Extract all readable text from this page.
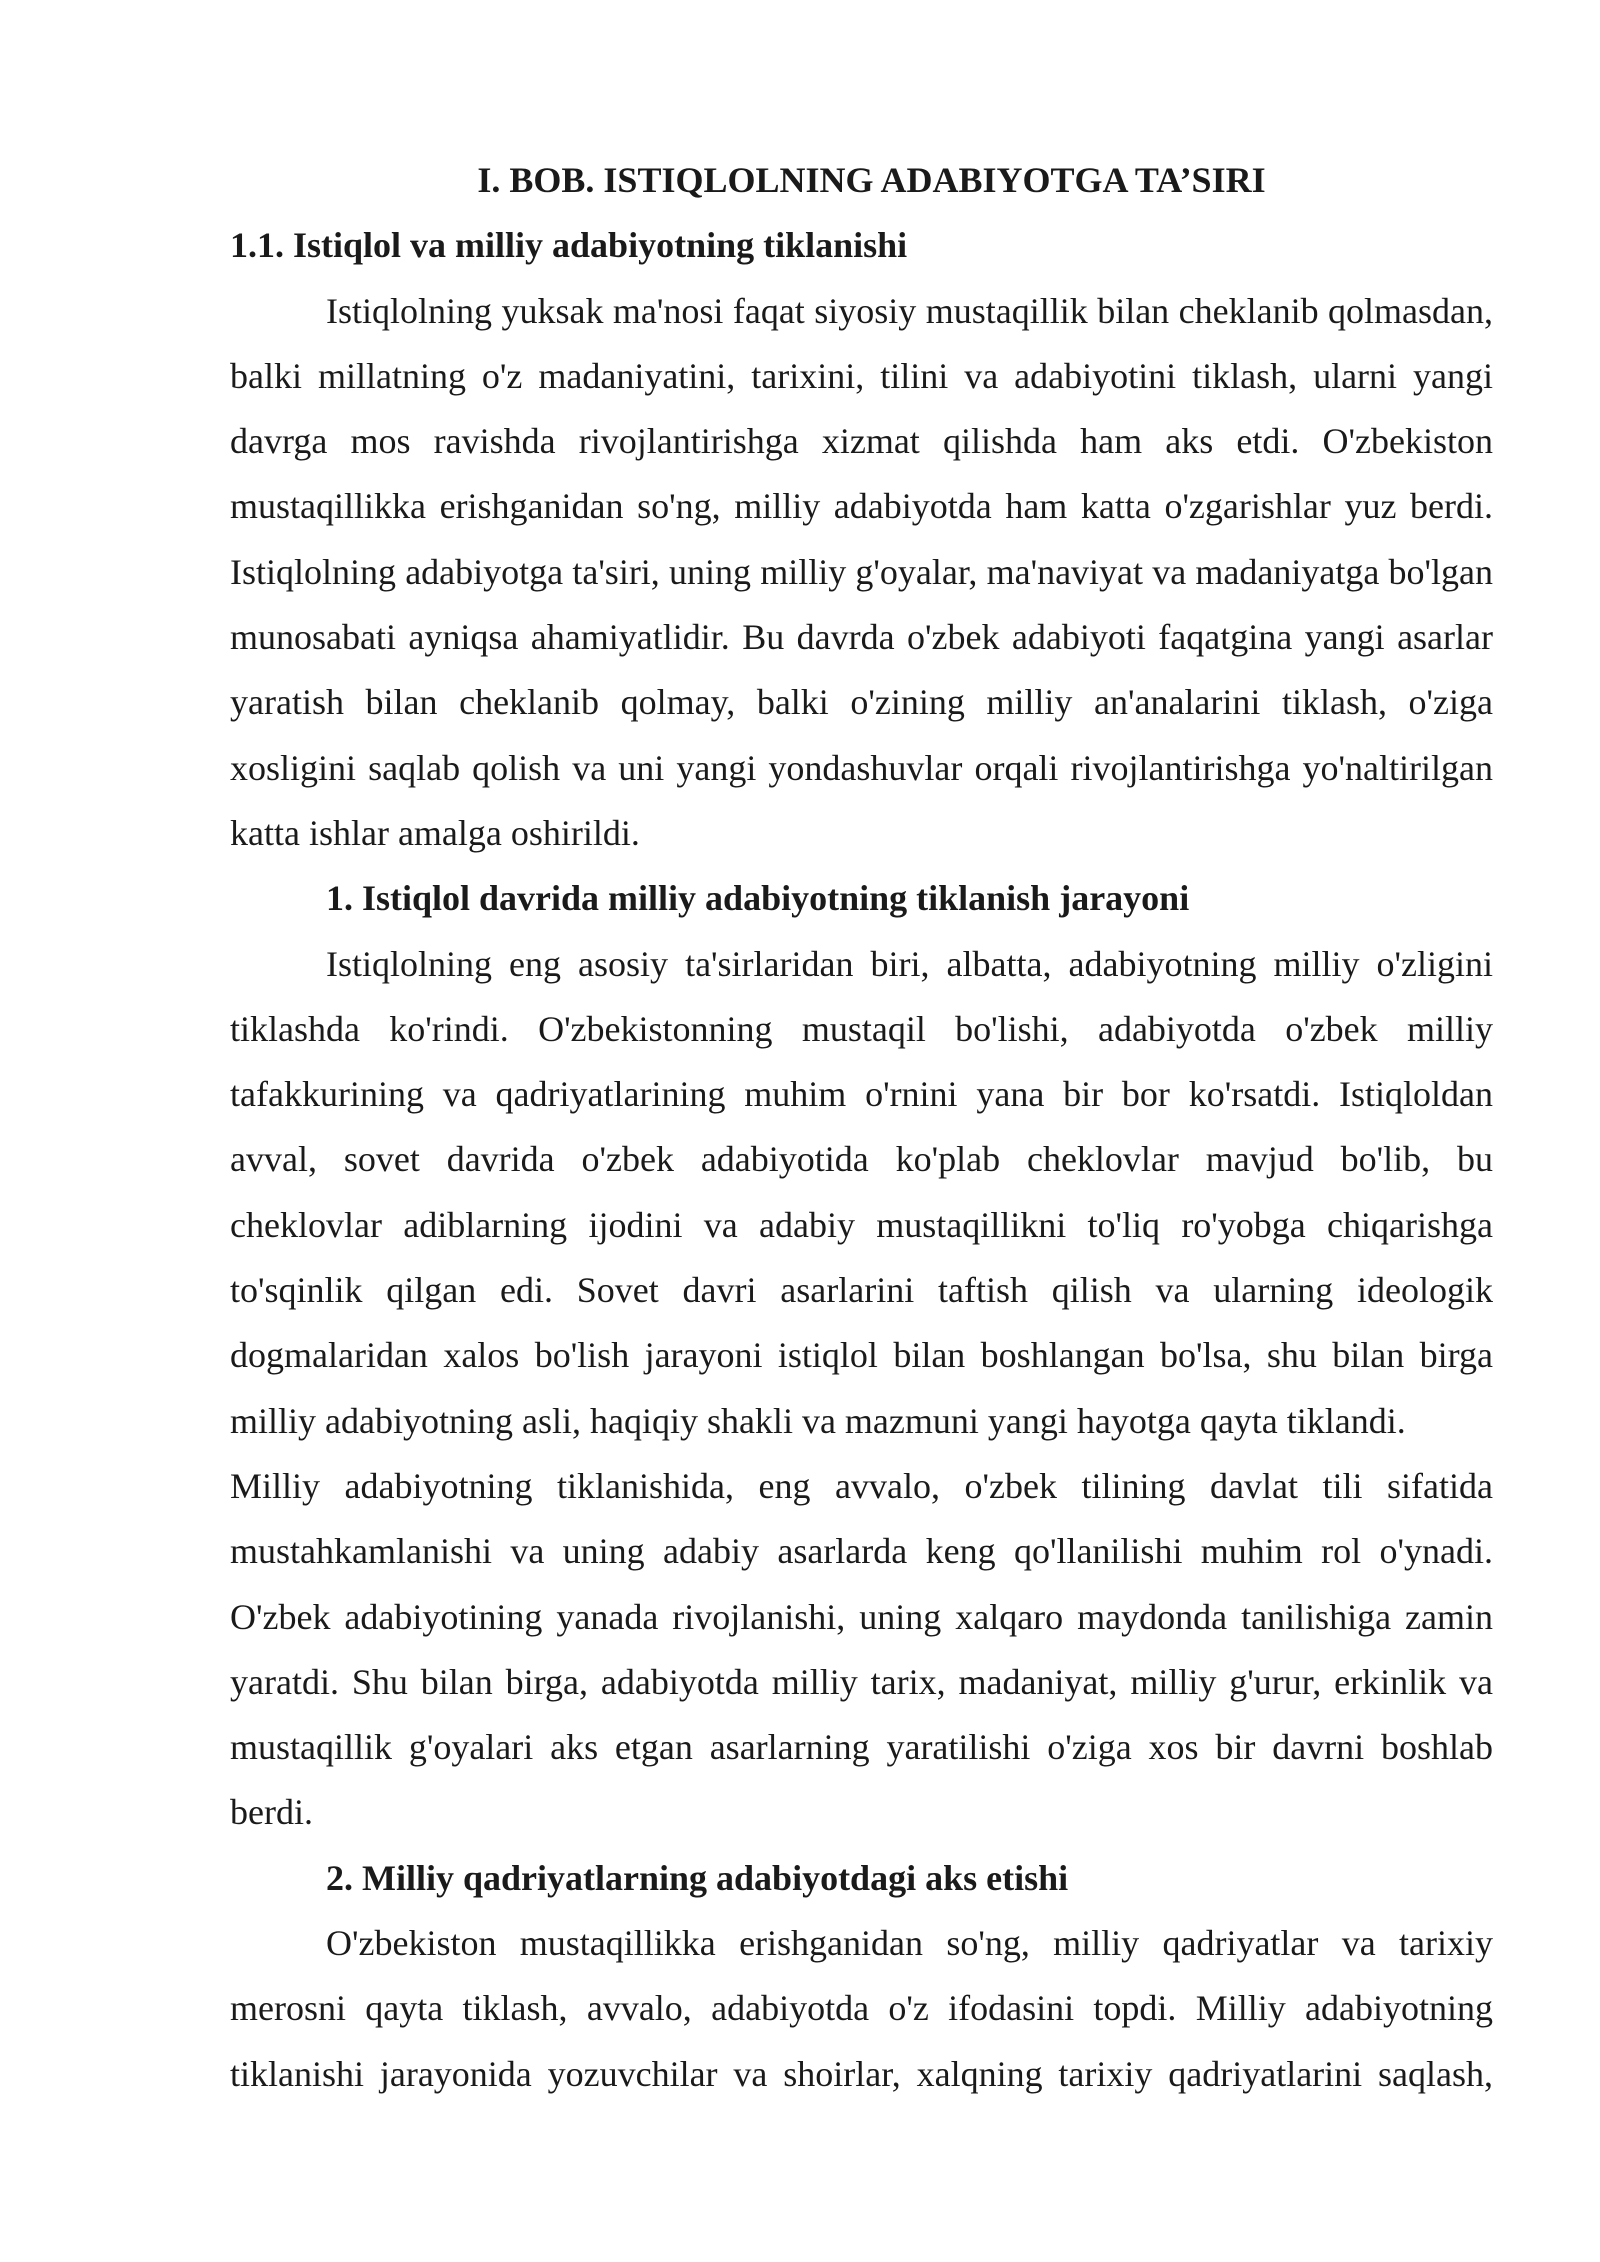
I. BOB. ISTIQLOLNING ADABIYOTGA TA’SIRI
1.1. Istiqlol va milliy adabiyotning tiklanishi

Istiqlolning yuksak ma'nosi faqat siyosiy mustaqillik bilan cheklanib qolmasdan, balki millatning o'z madaniyatini, tarixini, tilini va adabiyotini tiklash, ularni yangi davrga mos ravishda rivojlantirishga xizmat qilishda ham aks etdi. O'zbekiston mustaqillikka erishganidan so'ng, milliy adabiyotda ham katta o'zgarishlar yuz berdi. Istiqlolning adabiyotga ta'siri, uning milliy g'oyalar, ma'naviyat va madaniyatga bo'lgan munosabati ayniqsa ahamiyatlidir. Bu davrda o'zbek adabiyoti faqatgina yangi asarlar yaratish bilan cheklanib qolmay, balki o'zining milliy an'analarini tiklash, o'ziga xosligini saqlab qolish va uni yangi yondashuvlar orqali rivojlantirishga yo'naltirilgan katta ishlar amalga oshirildi.

1. Istiqlol davrida milliy adabiyotning tiklanish jarayoni

Istiqlolning eng asosiy ta'sirlaridan biri, albatta, adabiyotning milliy o'zligini tiklashda ko'rindi. O'zbekistonning mustaqil bo'lishi, adabiyotda o'zbek milliy tafakkurining va qadriyatlarining muhim o'rnini yana bir bor ko'rsatdi. Istiqloldan avval, sovet davrida o'zbek adabiyotida ko'plab cheklovlar mavjud bo'lib, bu cheklovlar adiblarning ijodini va adabiy mustaqillikni to'liq ro'yobga chiqarishga to'sqinlik qilgan edi. Sovet davri asarlarini taftish qilish va ularning ideologik dogmalaridan xalos bo'lish jarayoni istiqlol bilan boshlangan bo'lsa, shu bilan birga milliy adabiyotning asli, haqiqiy shakli va mazmuni yangi hayotga qayta tiklandi.

Milliy adabiyotning tiklanishida, eng avvalo, o'zbek tilining davlat tili sifatida mustahkamlanishi va uning adabiy asarlarda keng qo'llanilishi muhim rol o'ynadi. O'zbek adabiyotining yanada rivojlanishi, uning xalqaro maydonda tanilishiga zamin yaratdi. Shu bilan birga, adabiyotda milliy tarix, madaniyat, milliy g'urur, erkinlik va mustaqillik g'oyalari aks etgan asarlarning yaratilishi o'ziga xos bir davrni boshlab berdi.

2. Milliy qadriyatlarning adabiyotdagi aks etishi

O'zbekiston mustaqillikka erishganidan so'ng, milliy qadriyatlar va tarixiy merosni qayta tiklash, avvalo, adabiyotda o'z ifodasini topdi. Milliy adabiyotning tiklanishi jarayonida yozuvchilar va shoirlar, xalqning tarixiy qadriyatlarini saqlash,
